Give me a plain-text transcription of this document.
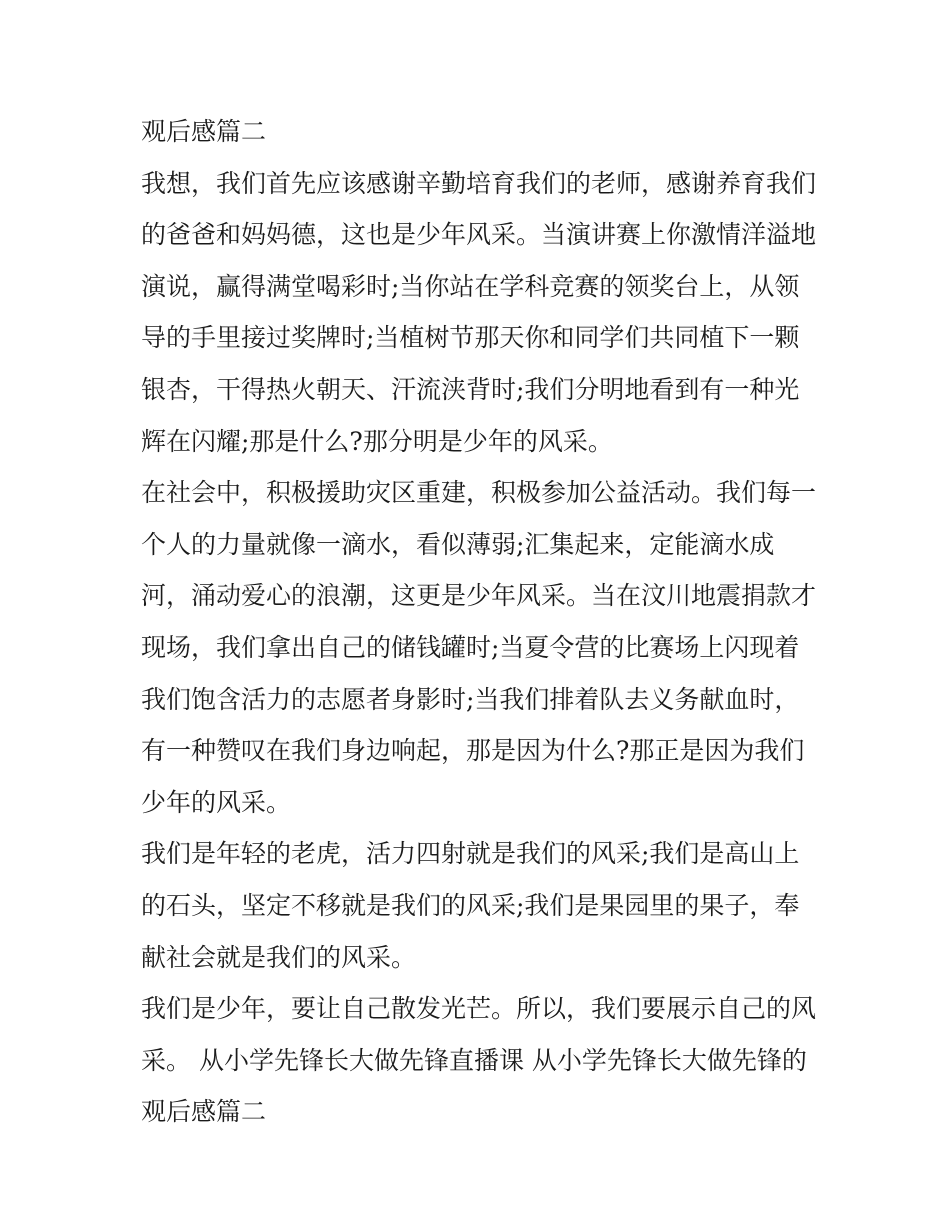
观后感篇二
我想，我们首先应该感谢辛勤培育我们的老师，感谢养育我们
的爸爸和妈妈德，这也是少年风采。当演讲赛上你激情洋溢地
演说，赢得满堂喝彩时;当你站在学科竞赛的领奖台上，从领
导的手里接过奖牌时;当植树节那天你和同学们共同植下一颗
银杏，干得热火朝天、汗流浃背时;我们分明地看到有一种光
辉在闪耀;那是什么?那分明是少年的风采。
在社会中，积极援助灾区重建，积极参加公益活动。我们每一
个人的力量就像一滴水，看似薄弱;汇集起来，定能滴水成
河，涌动爱心的浪潮，这更是少年风采。当在汶川地震捐款才
现场，我们拿出自己的储钱罐时;当夏令营的比赛场上闪现着
我们饱含活力的志愿者身影时;当我们排着队去义务献血时，
有一种赞叹在我们身边响起，那是因为什么?那正是因为我们
少年的风采。
我们是年轻的老虎，活力四射就是我们的风采;我们是高山上
的石头，坚定不移就是我们的风采;我们是果园里的果子，奉
献社会就是我们的风采。
我们是少年，要让自己散发光芒。所以，我们要展示自己的风
采。 从小学先锋长大做先锋直播课 从小学先锋长大做先锋的
观后感篇二
